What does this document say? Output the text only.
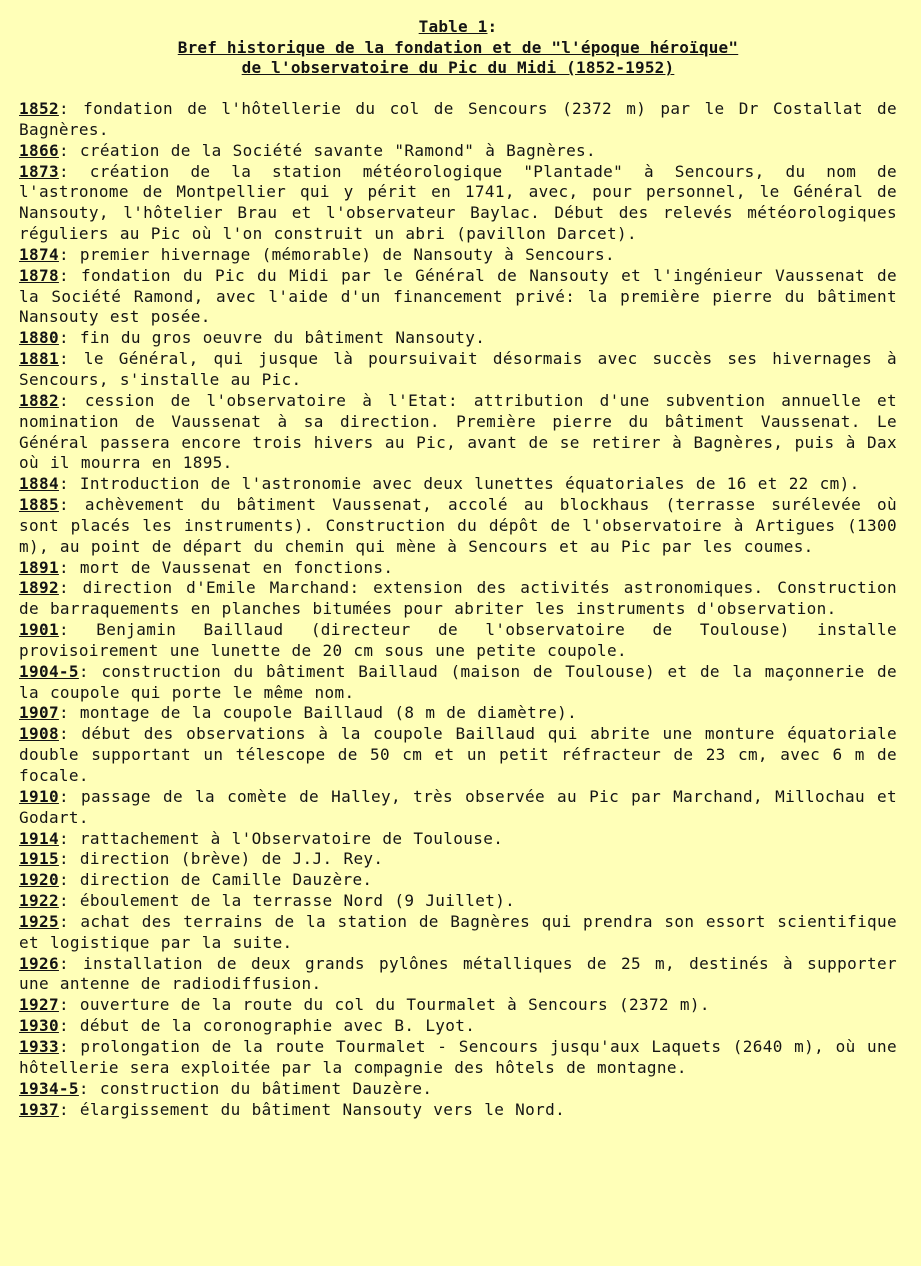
Table 1:
Bref historique de la fondation et de "l'époque héroïque"
de l'observatoire du Pic du Midi (1852-1952)

1852: fondation de l'hôtellerie du col de Sencours (2372 m) par le Dr Costallat de Bagnères.

1866: création de la Société savante "Ramond" à Bagnères.

1873: création de la station météorologique "Plantade" à Sencours, du nom de l'astronome de Montpellier qui y périt en 1741, avec, pour personnel, le Général de Nansouty, l'hôtelier Brau et l'observateur Baylac. Début des relevés météorologiques réguliers au Pic où l'on construit un abri (pavillon Darcet).

1874: premier hivernage (mémorable) de Nansouty à Sencours.

1878: fondation du Pic du Midi par le Général de Nansouty et l'ingénieur Vaussenat de la Société Ramond, avec l'aide d'un financement privé: la première pierre du bâtiment Nansouty est posée.

1880: fin du gros oeuvre du bâtiment Nansouty.

1881: le Général, qui jusque là poursuivait désormais avec succès ses hivernages à Sencours, s'installe au Pic.

1882: cession de l'observatoire à l'Etat: attribution d'une subvention annuelle et nomination de Vaussenat à sa direction. Première pierre du bâtiment Vaussenat. Le Général passera encore trois hivers au Pic, avant de se retirer à Bagnères, puis à Dax où il mourra en 1895.

1884: Introduction de l'astronomie avec deux lunettes équatoriales de 16 et 22 cm).

1885: achèvement du bâtiment Vaussenat, accolé au blockhaus (terrasse surélevée où sont placés les instruments). Construction du dépôt de l'observatoire à Artigues (1300 m), au point de départ du chemin qui mène à Sencours et au Pic par les coumes.

1891: mort de Vaussenat en fonctions.

1892: direction d'Emile Marchand: extension des activités astronomiques. Construction de barraquements en planches bitumées pour abriter les instruments d'observation.

1901: Benjamin Baillaud (directeur de l'observatoire de Toulouse) installe provisoirement une lunette de 20 cm sous une petite coupole.

1904-5: construction du bâtiment Baillaud (maison de Toulouse) et de la maçonnerie de la coupole qui porte le même nom.

1907: montage de la coupole Baillaud (8 m de diamètre).

1908: début des observations à la coupole Baillaud qui abrite une monture équatoriale double supportant un télescope de 50 cm et un petit réfracteur de 23 cm, avec 6 m de focale.

1910: passage de la comète de Halley, très observée au Pic par Marchand, Millochau et Godart.

1914: rattachement à l'Observatoire de Toulouse.

1915: direction (brève) de J.J. Rey.

1920: direction de Camille Dauzère.

1922: éboulement de la terrasse Nord (9 Juillet).

1925: achat des terrains de la station de Bagnères qui prendra son essort scientifique et logistique par la suite.

1926: installation de deux grands pylônes métalliques de 25 m, destinés à supporter une antenne de radiodiffusion.

1927: ouverture de la route du col du Tourmalet à Sencours (2372 m).

1930: début de la coronographie avec B. Lyot.

1933: prolongation de la route Tourmalet - Sencours jusqu'aux Laquets (2640 m), où une hôtellerie sera exploitée par la compagnie des hôtels de montagne.

1934-5: construction du bâtiment Dauzère.

1937: élargissement du bâtiment Nansouty vers le Nord.
